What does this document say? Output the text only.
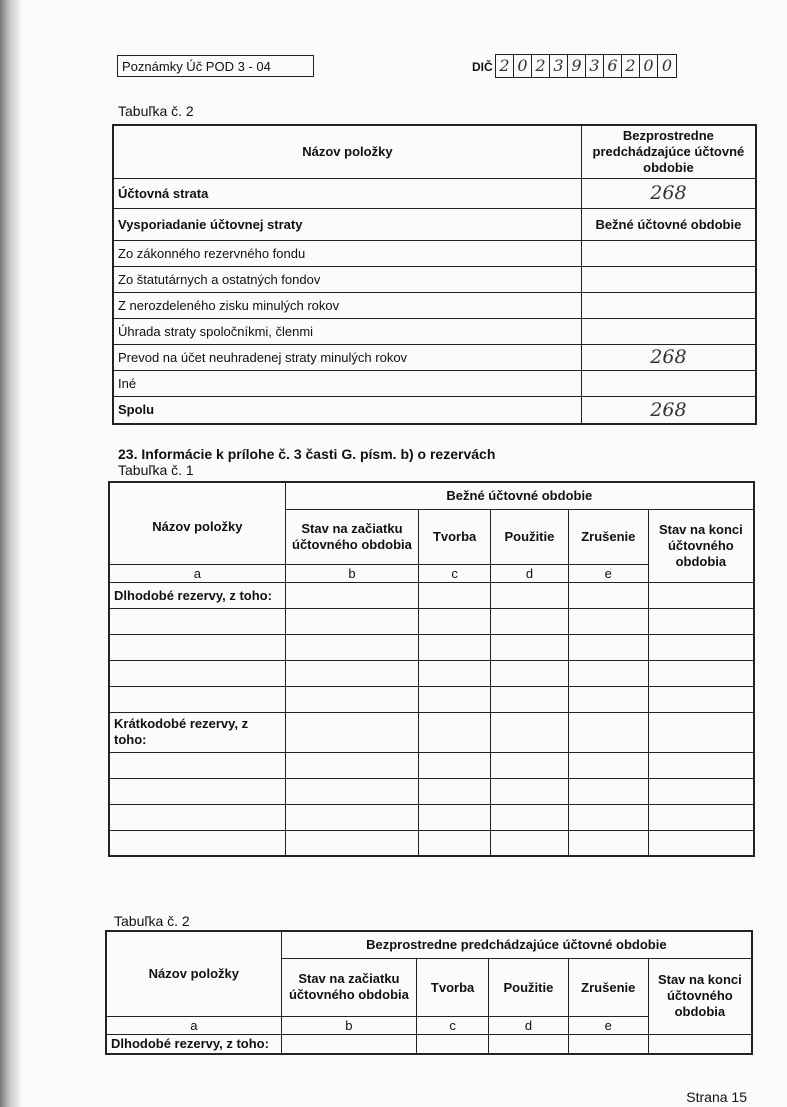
Poznámky Úč POD 3 - 04	DIČ 2 0 2 3 9 3 6 2 0 0
Tabuľka č. 2
Názov položky	Bezprostredne predchádzajúce účtovné obdobie
Účtovná strata	268
Vysporiadanie účtovnej straty	Bežné účtovné obdobie
Zo zákonného rezervného fondu	
Zo štatutárnych a ostatných fondov	
Z nerozdeleného zisku minulých rokov	
Úhrada straty spoločníkmi, členmi	
Prevod na účet neuhradenej straty minulých rokov	268
Iné	
Spolu	268
23. Informácie k prílohe č. 3 časti G. písm. b) o rezervách
Tabuľka č. 1
Názov položky	Bežné účtovné obdobie				
	Stav na začiatku účtovného obdobia	Tvorba	Použitie	Zrušenie	Stav na konci účtovného obdobia
a	b	c	d	e	
Dlhodobé rezervy, z toho:					

Krátkodobé rezervy, z toho:					

Tabuľka č. 2
Názov položky	Bezprostredne predchádzajúce účtovné obdobie				
	Stav na začiatku účtovného obdobia	Tvorba	Použitie	Zrušenie	Stav na konci účtovného obdobia
a	b	c	d	e	
Dlhodobé rezervy, z toho:					
Strana 15
